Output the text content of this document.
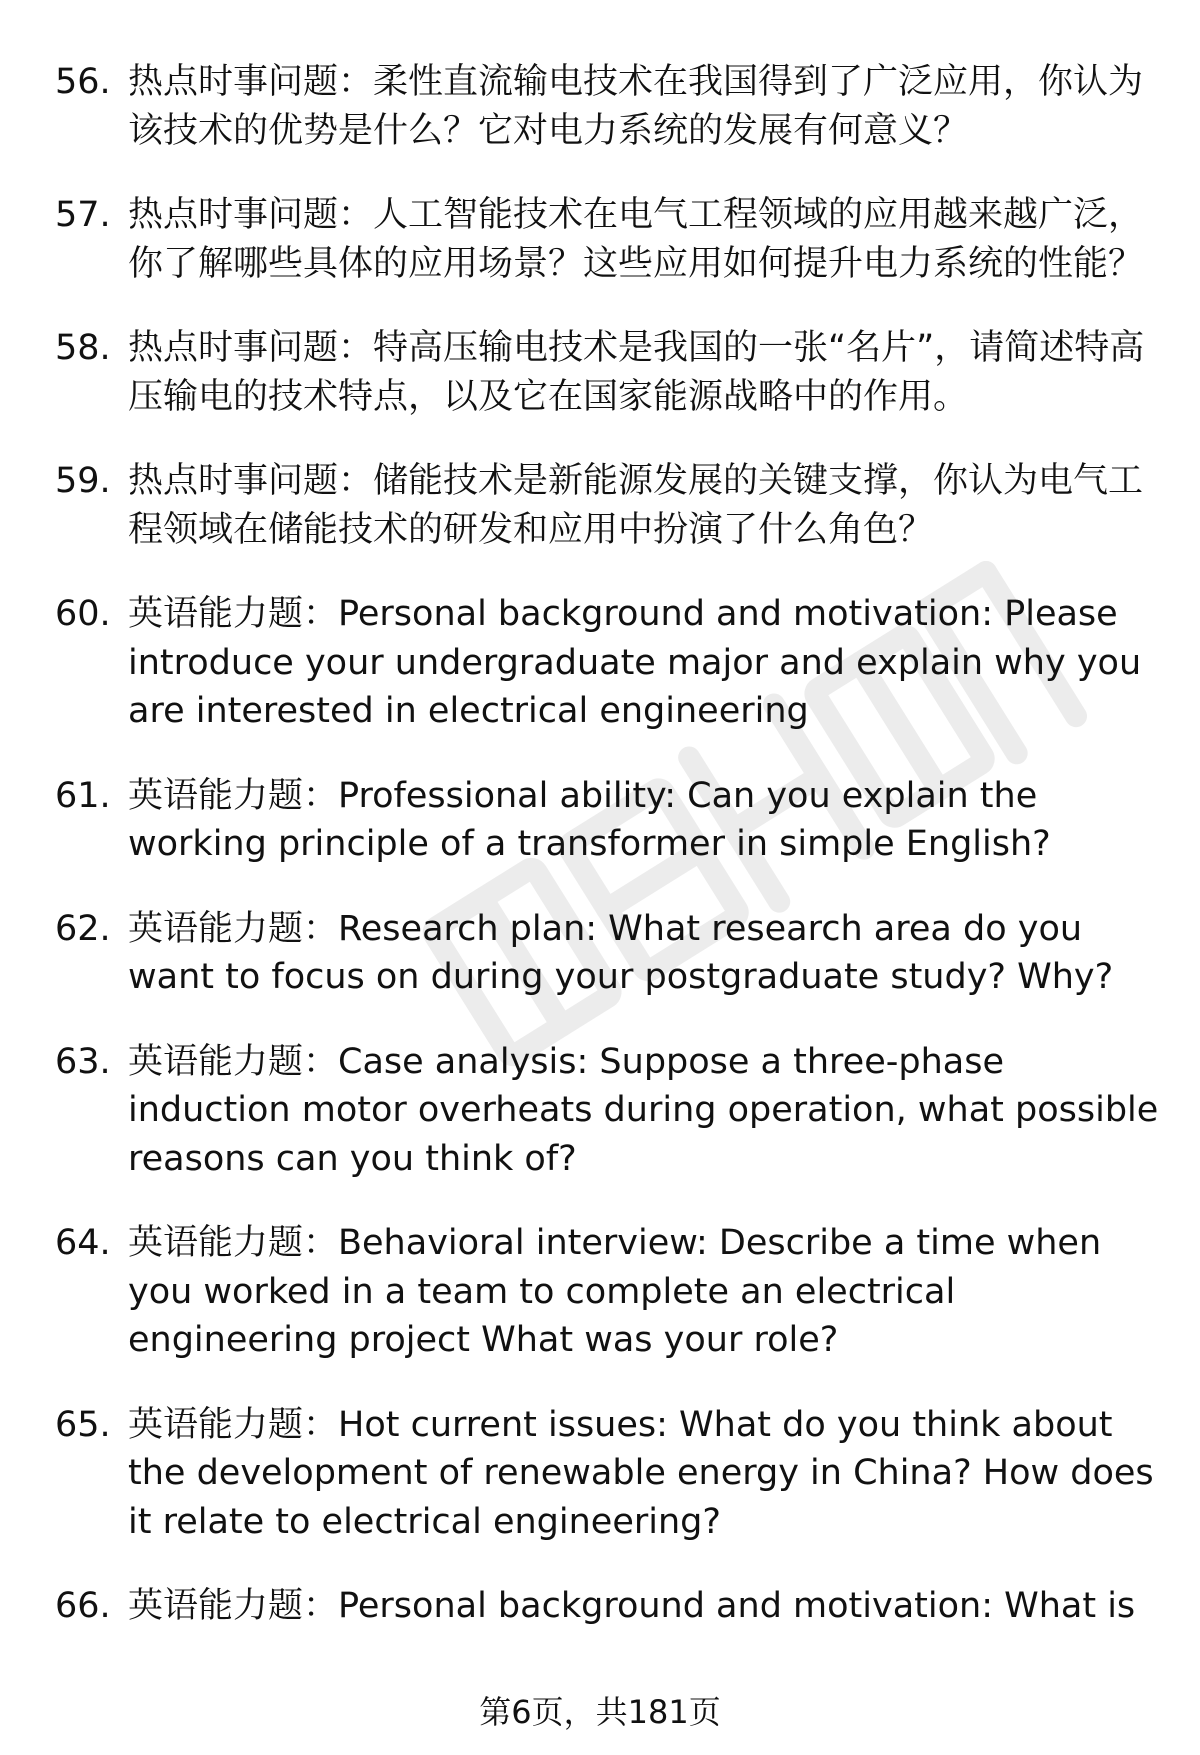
56. 热点时事问题：柔性直流输电技术在我国得到了广泛应用，你认为该技术的优势是什么？它对电力系统的发展有何意义？
57. 热点时事问题：人工智能技术在电气工程领域的应用越来越广泛，你了解哪些具体的应用场景？这些应用如何提升电力系统的性能？
58. 热点时事问题：特高压输电技术是我国的一张“名片”，请简述特高压输电的技术特点，以及它在国家能源战略中的作用。
59. 热点时事问题：储能技术是新能源发展的关键支撑，你认为电气工程领域在储能技术的研发和应用中扮演了什么角色？
60. 英语能力题：Personal background and motivation: Please introduce your undergraduate major and explain why you are interested in electrical engineering
61. 英语能力题：Professional ability: Can you explain the working principle of a transformer in simple English?
62. 英语能力题：Research plan: What research area do you want to focus on during your postgraduate study? Why?
63. 英语能力题：Case analysis: Suppose a three-phase induction motor overheats during operation, what possible reasons can you think of?
64. 英语能力题：Behavioral interview: Describe a time when you worked in a team to complete an electrical engineering project What was your role?
65. 英语能力题：Hot current issues: What do you think about the development of renewable energy in China? How does it relate to electrical engineering?
66. 英语能力题：Personal background and motivation: What is
第6页，共181页
